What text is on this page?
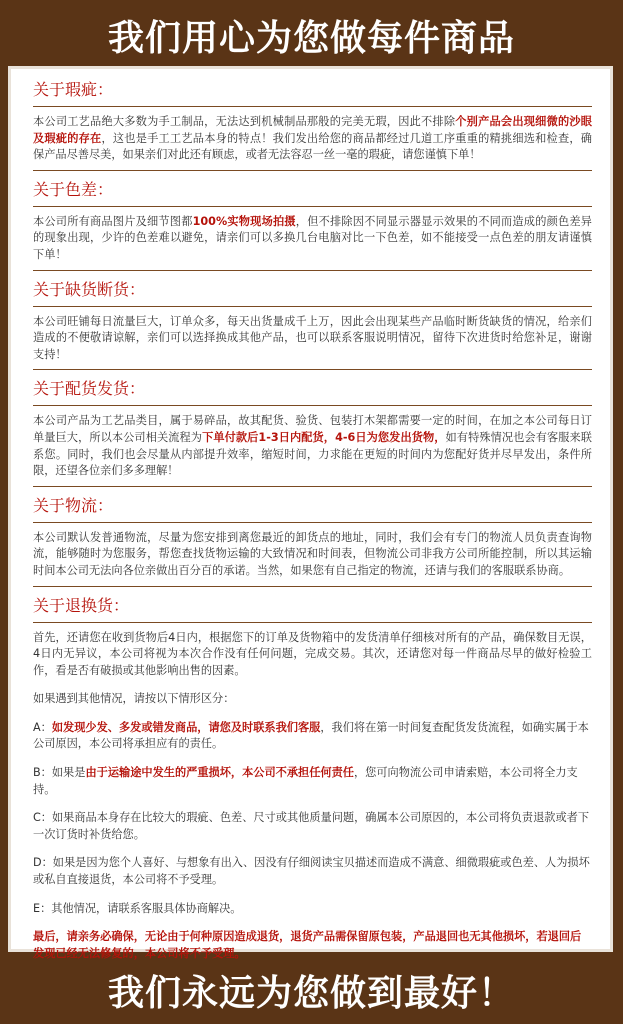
我们用心为您做每件商品
关于瑕疵：

本公司工艺品绝大多数为手工制品，无法达到机械制品那般的完美无瑕，因此不排除个别产品会出现细微的沙眼及瑕疵的存在，这也是手工工艺品本身的特点！我们发出给您的商品都经过几道工序重重的精挑细选和检查，确保产品尽善尽美，如果亲们对此还有顾虑，或者无法容忍一丝一毫的瑕疵，请您谨慎下单！

关于色差：

本公司所有商品图片及细节图都100%实物现场拍摄，但不排除因不同显示器显示效果的不同而造成的颜色差异的现象出现，少许的色差难以避免，请亲们可以多换几台电脑对比一下色差，如不能接受一点色差的朋友请谨慎下单！

关于缺货断货：

本公司旺铺每日流量巨大，订单众多，每天出货量成千上万，因此会出现某些产品临时断货缺货的情况，给亲们造成的不便敬请谅解，亲们可以选择换成其他产品，也可以联系客服说明情况，留待下次进货时给您补足，谢谢支持！

关于配货发货：

本公司产品为工艺品类目，属于易碎品，故其配货、验货、包装打木架都需要一定的时间，在加之本公司每日订单量巨大，所以本公司相关流程为下单付款后1-3日内配货，4-6日为您发出货物，如有特殊情况也会有客服来联系您。同时，我们也会尽量从内部提升效率，缩短时间，力求能在更短的时间内为您配好货并尽早发出，条件所限，还望各位亲们多多理解！

关于物流：

本公司默认发普通物流，尽量为您安排到离您最近的卸货点的地址，同时，我们会有专门的物流人员负责查询物流，能够随时为您服务，帮您查找货物运输的大致情况和时间表，但物流公司非我方公司所能控制，所以其运输时间本公司无法向各位亲做出百分百的承诺。当然，如果您有自己指定的物流，还请与我们的客服联系协商。

关于退换货：

首先，还请您在收到货物后4日内，根据您下的订单及货物箱中的发货清单仔细核对所有的产品，确保数目无误，4日内无异议，本公司将视为本次合作没有任何问题，完成交易。其次，还请您对每一件商品尽早的做好检验工作，看是否有破损或其他影响出售的因素。

如果遇到其他情况，请按以下情形区分：

A：如发现少发、多发或错发商品，请您及时联系我们客服，我们将在第一时间复查配货发货流程，如确实属于本公司原因，本公司将承担应有的责任。

B：如果是由于运输途中发生的严重损坏，本公司不承担任何责任，您可向物流公司申请索赔，本公司将全力支持。

C：如果商品本身存在比较大的瑕疵、色差、尺寸或其他质量问题，确属本公司原因的，本公司将负责退款或者下一次订货时补货给您。

D：如果是因为您个人喜好、与想象有出入、因没有仔细阅读宝贝描述而造成不满意、细微瑕疵或色差、人为损坏或私自直接退货，本公司将不予受理。

E：其他情况，请联系客服具体协商解决。

最后，请亲务必确保，无论由于何种原因造成退货，退货产品需保留原包装，产品退回也无其他损坏，若退回后发现已经无法修复的，本公司将不予受理。

我们永远为您做到最好！
